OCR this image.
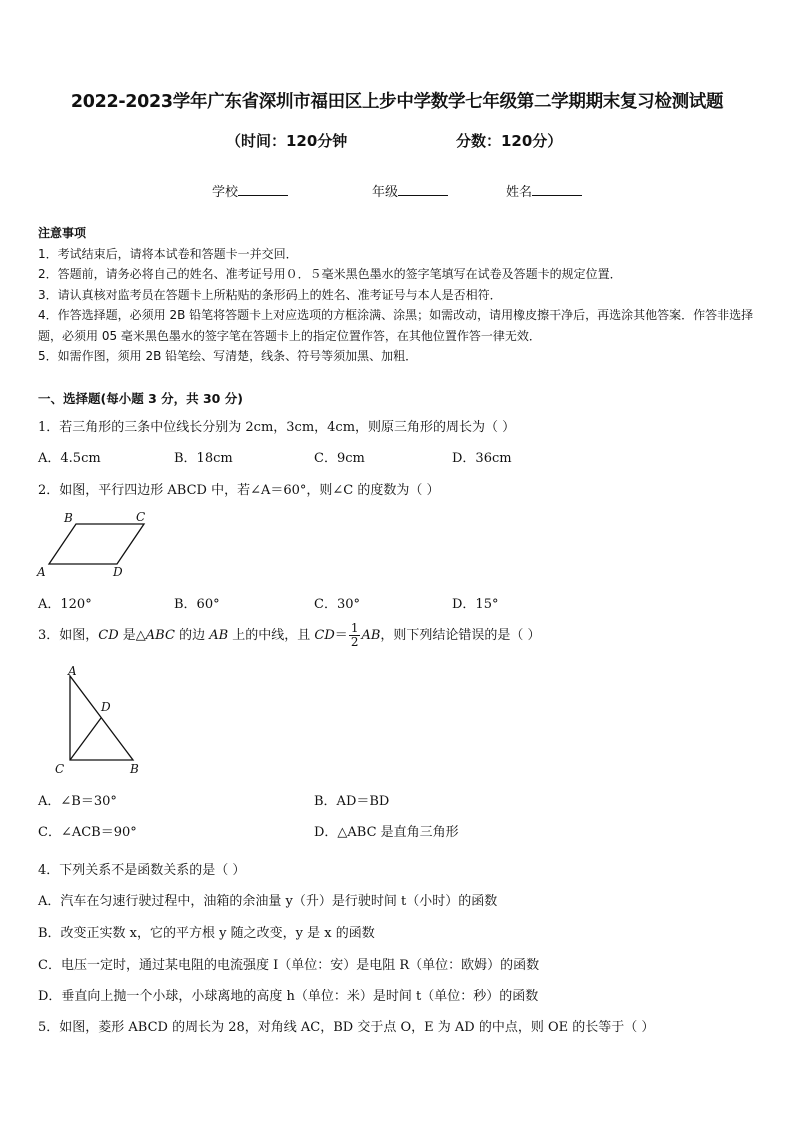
2022-2023学年广东省深圳市福田区上步中学数学七年级第二学期期末复习检测试题
（时间：120分钟	分数：120分）
学校	年级	姓名

注意事项

1．考试结束后，请将本试卷和答题卡一并交回．

2．答题前，请务必将自己的姓名、准考证号用０．５毫米黑色墨水的签字笔填写在试卷及答题卡的规定位置．

3．请认真核对监考员在答题卡上所粘贴的条形码上的姓名、准考证号与本人是否相符．

4．作答选择题，必须用 2B 铅笔将答题卡上对应选项的方框涂满、涂黑；如需改动，请用橡皮擦干净后，再选涂其他答案．作答非选择题，必须用 05 毫米黑色墨水的签字笔在答题卡上的指定位置作答，在其他位置作答一律无效．

5．如需作图，须用 2B 铅笔绘、写清楚，线条、符号等须加黑、加粗．

一、选择题(每小题 3 分，共 30 分)
1．若三角形的三条中位线长分别为 2cm，3cm，4cm，则原三角形的周长为（ ）
A．4.5cm	B．18cm	C．9cm	D．36cm
2．如图，平行四边形 ABCD 中，若∠A＝60°，则∠C 的度数为（ ）
B	C
A	D
A．120°	B．60°	C．30°	D．15°
3．如图，CD 是△ABC 的边 AB 上的中线，且 $CD= \frac{1}{2}$ AB，则下列结论错误的是（ ）
A
D
C	B
A．∠B＝30°	B．AD＝BD
C．∠ACB＝90°	D．△ABC 是直角三角形
4．下列关系不是函数关系的是（ ）
A．汽车在匀速行驶过程中，油箱的余油量 y（升）是行驶时间 t（小时）的函数
B．改变正实数 x，它的平方根 y 随之改变，y 是 x 的函数
C．电压一定时，通过某电阻的电流强度 I（单位：安）是电阻 R（单位：欧姆）的函数
D．垂直向上抛一个小球，小球离地的高度 h（单位：米）是时间 t（单位：秒）的函数
5．如图，菱形 ABCD 的周长为 28，对角线 AC，BD 交于点 O，E 为 AD 的中点，则 OE 的长等于（ ）
